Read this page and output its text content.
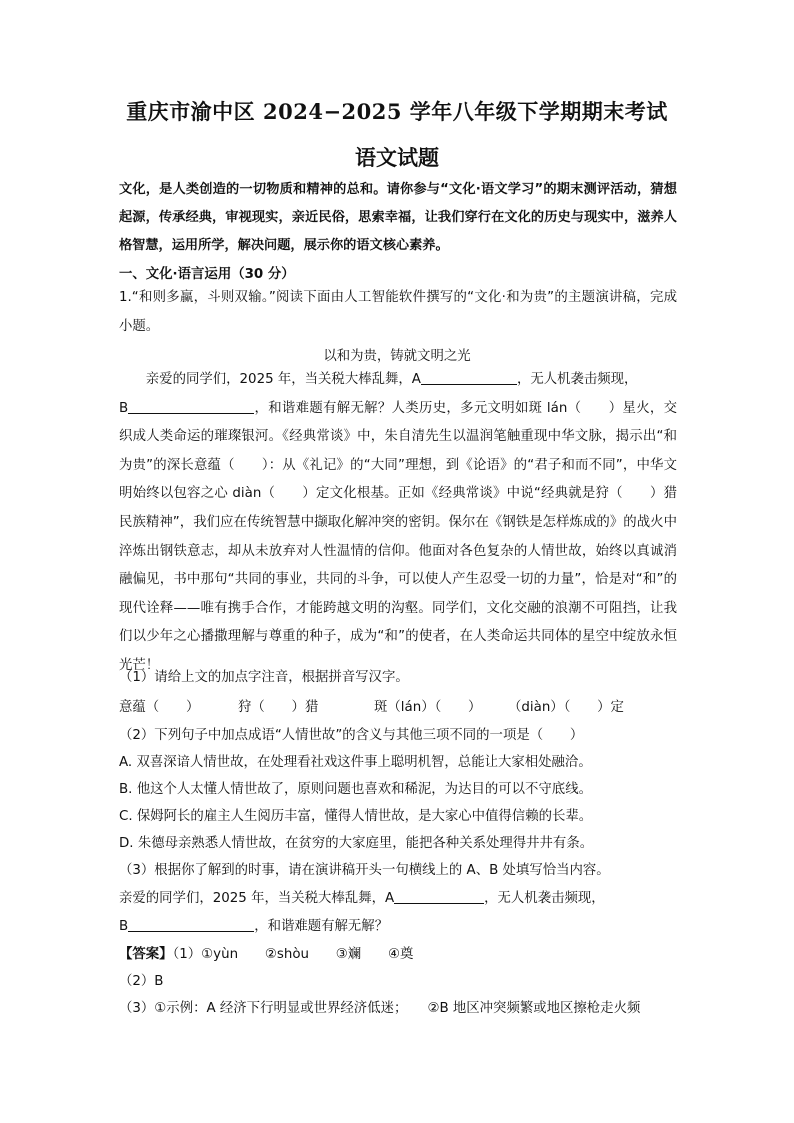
重庆市渝中区 2024−2025 学年八年级下学期期末考试
语文试题
文化，是人类创造的一切物质和精神的总和。请你参与“文化·语文学习”的期末测评活动，猜想起源，传承经典，审视现实，亲近民俗，思索幸福，让我们穿行在文化的历史与现实中，滋养人格智慧，运用所学，解决问题，展示你的语文核心素养。
一、文化·语言运用（30 分）
1.“和则多赢，斗则双输。”阅读下面由人工智能软件撰写的“文化·和为贵”的主题演讲稿，完成小题。
以和为贵，铸就文明之光

亲爱的同学们，2025 年，当关税大棒乱舞，A	，无人机袭击频现，
B	，和谐难题有解无解？人类历史，多元文明如斑 lán（　　）星火，交织成人类命运的璀璨银河。《经典常谈》中，朱自清先生以温润笔触重现中华文脉，揭示出“和为贵”的深长意蕴（　　）：从《礼记》的“大同”理想，到《论语》的“君子和而不同”，中华文明始终以包容之心 diàn（　　）定文化根基。正如《经典常谈》中说“经典就是狩（　　）猎民族精神”，我们应在传统智慧中撷取化解冲突的密钥。保尔在《钢铁是怎样炼成的》的战火中淬炼出钢铁意志，却从未放弃对人性温情的信仰。他面对各色复杂的人情世故，始终以真诚消融偏见，书中那句“共同的事业，共同的斗争，可以使人产生忍受一切的力量”，恰是对“和”的现代诠释——唯有携手合作，才能跨越文明的沟壑。同学们，文化交融的浪潮不可阻挡，让我们以少年之心播撒理解与尊重的种子，成为“和”的使者，在人类命运共同体的星空中绽放永恒光芒！

（1）请给上文的加点字注音，根据拼音写汉字。
意蕴（　　）	狩（　　）猎	斑（lán）（　　） （diàn）（　　）定
（2）下列句子中加点成语“人情世故”的含义与其他三项不同的一项是（　　）
A. 双喜深谙人情世故，在处理看社戏这件事上聪明机智，总能让大家相处融洽。
B. 他这个人太懂人情世故了，原则问题也喜欢和稀泥，为达目的可以不守底线。
C. 保姆阿长的雇主人生阅历丰富，懂得人情世故，是大家心中值得信赖的长辈。
D. 朱德母亲熟悉人情世故，在贫穷的大家庭里，能把各种关系处理得井井有条。
（3）根据你了解到的时事，请在演讲稿开头一句横线上的 A、B 处填写恰当内容。
亲爱的同学们，2025 年，当关税大棒乱舞，A	，无人机袭击频现，
B	，和谐难题有解无解？
【答案】（1）①yùn　　②shòu　　③斓　　④奠
（2）B
（3）①示例：A 经济下行明显或世界经济低迷；　　②B 地区冲突频繁或地区擦枪走火频
